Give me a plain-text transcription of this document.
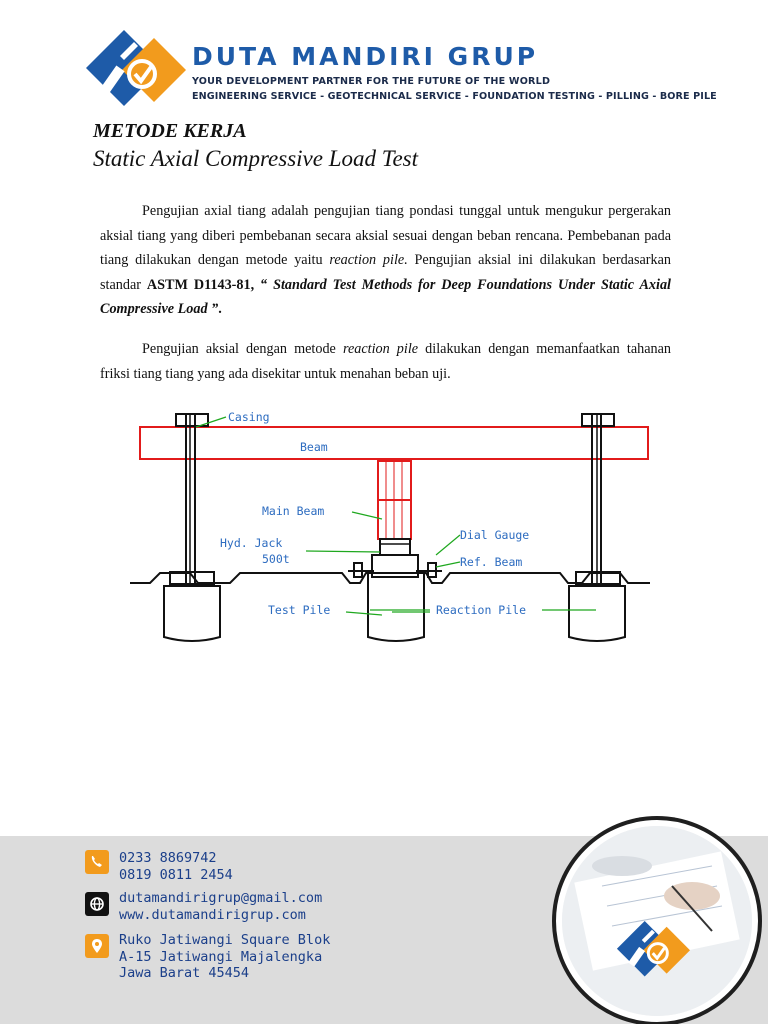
DUTA MANDIRI GRUP
YOUR DEVELOPMENT PARTNER FOR THE FUTURE OF THE WORLD
ENGINEERING SERVICE - GEOTECHNICAL SERVICE - FOUNDATION TESTING - PILLING - BORE PILE
METODE KERJA
Static Axial Compressive Load Test
Pengujian axial tiang adalah pengujian tiang pondasi tunggal untuk mengukur pergerakan aksial tiang yang diberi pembebanan secara aksial sesuai dengan beban rencana. Pembebanan pada tiang dilakukan dengan metode yaitu reaction pile. Pengujian aksial ini dilakukan berdasarkan standar ASTM D1143-81, “ Standard Test Methods for Deep Foundations Under Static Axial Compressive Load ”.
Pengujian aksial dengan metode reaction pile dilakukan dengan memanfaatkan tahanan friksi tiang tiang yang ada disekitar untuk menahan beban uji.
Casing
Beam
Main Beam
Hyd. Jack
500t
Dial Gauge
Ref. Beam
Test Pile	Reaction Pile
0233 8869742
0819 0811 2454
dutamandirigrup@gmail.com
www.dutamandirigrup.com
Ruko Jatiwangi Square Blok
A-15 Jatiwangi Majalengka
Jawa Barat 45454
